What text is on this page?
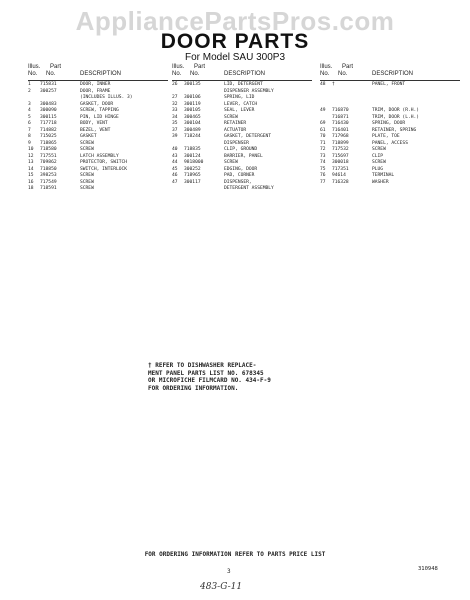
AppliancePartsPros.com
DOOR PARTS
For Model SAU 300P3
Illus. Part
No. No.	DESCRIPTION
1	715831	DOOR, INNER
2	300257	DOOR, FRAME
(INCLUDES ILLUS. 3)
3	300483	GASKET, DOOR
4	300090	SCREW, TAPPING
5	300115	PIN, LID HINGE
6	717718	BODY, VENT
7	714882	BEZEL, VENT
8	715025	GASKET
9	718865	SCREW
10	718580	SCREW
12	717551	LATCH ASSEMBLY
13	709862	PROTECTOR, SWITCH
14	718850	SWITCH, INTERLOCK
15	398253	SCREW
16	717549	SCREW
18	718591	SCREW
Illus. Part
No. No.	DESCRIPTION
26	300135	LID, DETERGENT
DISPENSER ASSEMBLY
27	300106	SPRING, LID
32	300119	LEVER, CATCH
33	300105	SEAL, LEVER
34	300465	SCREW
35	300104	RETAINER
37	300489	ACTUATOR
39	718244	GASKET, DETERGENT
DISPENSER
40	718835	CLIP, GROUND
43	300124	BARRIER, PANEL
44	9818000	SCREW
45	300252	EDGING, DOOR
46	718965	PAD, CORNER
47	300117	DISPENSER,
DETERGENT ASSEMBLY
Illus. Part
No. No.	DESCRIPTION
48	†	PANEL, FRONT
49	716870	TRIM, DOOR (R.H.)
716871	TRIM, DOOR (L.H.)
69	716430	SPRING, DOOR
61	716401	RETAINER, SPRING
70	717968	PLATE, TOE
71	718899	PANEL, ACCESS
72	717532	SCREW
73	715697	CLIP
74	300018	SCREW
75	717351	PLUG
76	94614	TERMINAL
77	716328	WASHER
† REFER TO DISHWASHER REPLACE-
MENT PANEL PARTS LIST NO. 678345
OR MICROFICHE FILMCARD NO. 434-F-9
FOR ORDERING INFORMATION.
FOR ORDERING INFORMATION REFER TO PARTS PRICE LIST
3	310948
483-G-11
